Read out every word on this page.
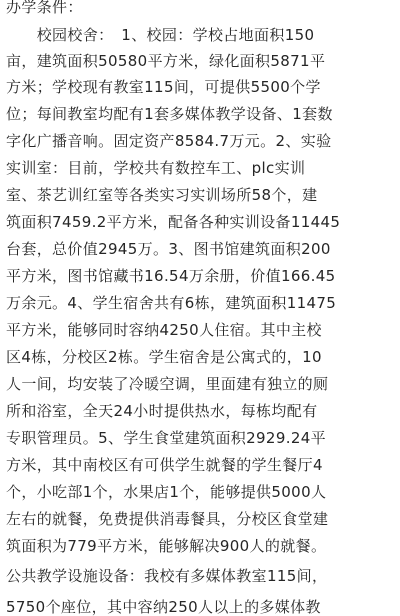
办学条件：
　　校园校舍：　1、校园：学校占地面积150
亩，建筑面积50580平方米，绿化面积5871平
方米；学校现有教室115间，可提供5500个学
位；每间教室均配有1套多媒体教学设备、1套数
字化广播音响。固定资产8584.7万元。2、实验
实训室：目前，学校共有数控车工、plc实训
室、茶艺训红室等各类实习实训场所58个，建
筑面积7459.2平方米，配备各种实训设备11445
台套，总价值2945万。3、图书馆建筑面积200
平方米，图书馆藏书16.54万余册，价值166.45
万余元。4、学生宿舍共有6栋，建筑面积11475
平方米，能够同时容纳4250人住宿。其中主校
区4栋，分校区2栋。学生宿舍是公寓式的，10
人一间，均安装了冷暖空调，里面建有独立的厕
所和浴室，全天24小时提供热水，每栋均配有
专职管理员。5、学生食堂建筑面积2929.24平
方米，其中南校区有可供学生就餐的学生餐厅4
个，小吃部1个，水果店1个，能够提供5000人
左右的就餐，免费提供消毒餐具，分校区食堂建
筑面积为779平方米，能够解决900人的就餐。
公共教学设施设备：我校有多媒体教室115间，
5750个座位，其中容纳250人以上的多媒体教
